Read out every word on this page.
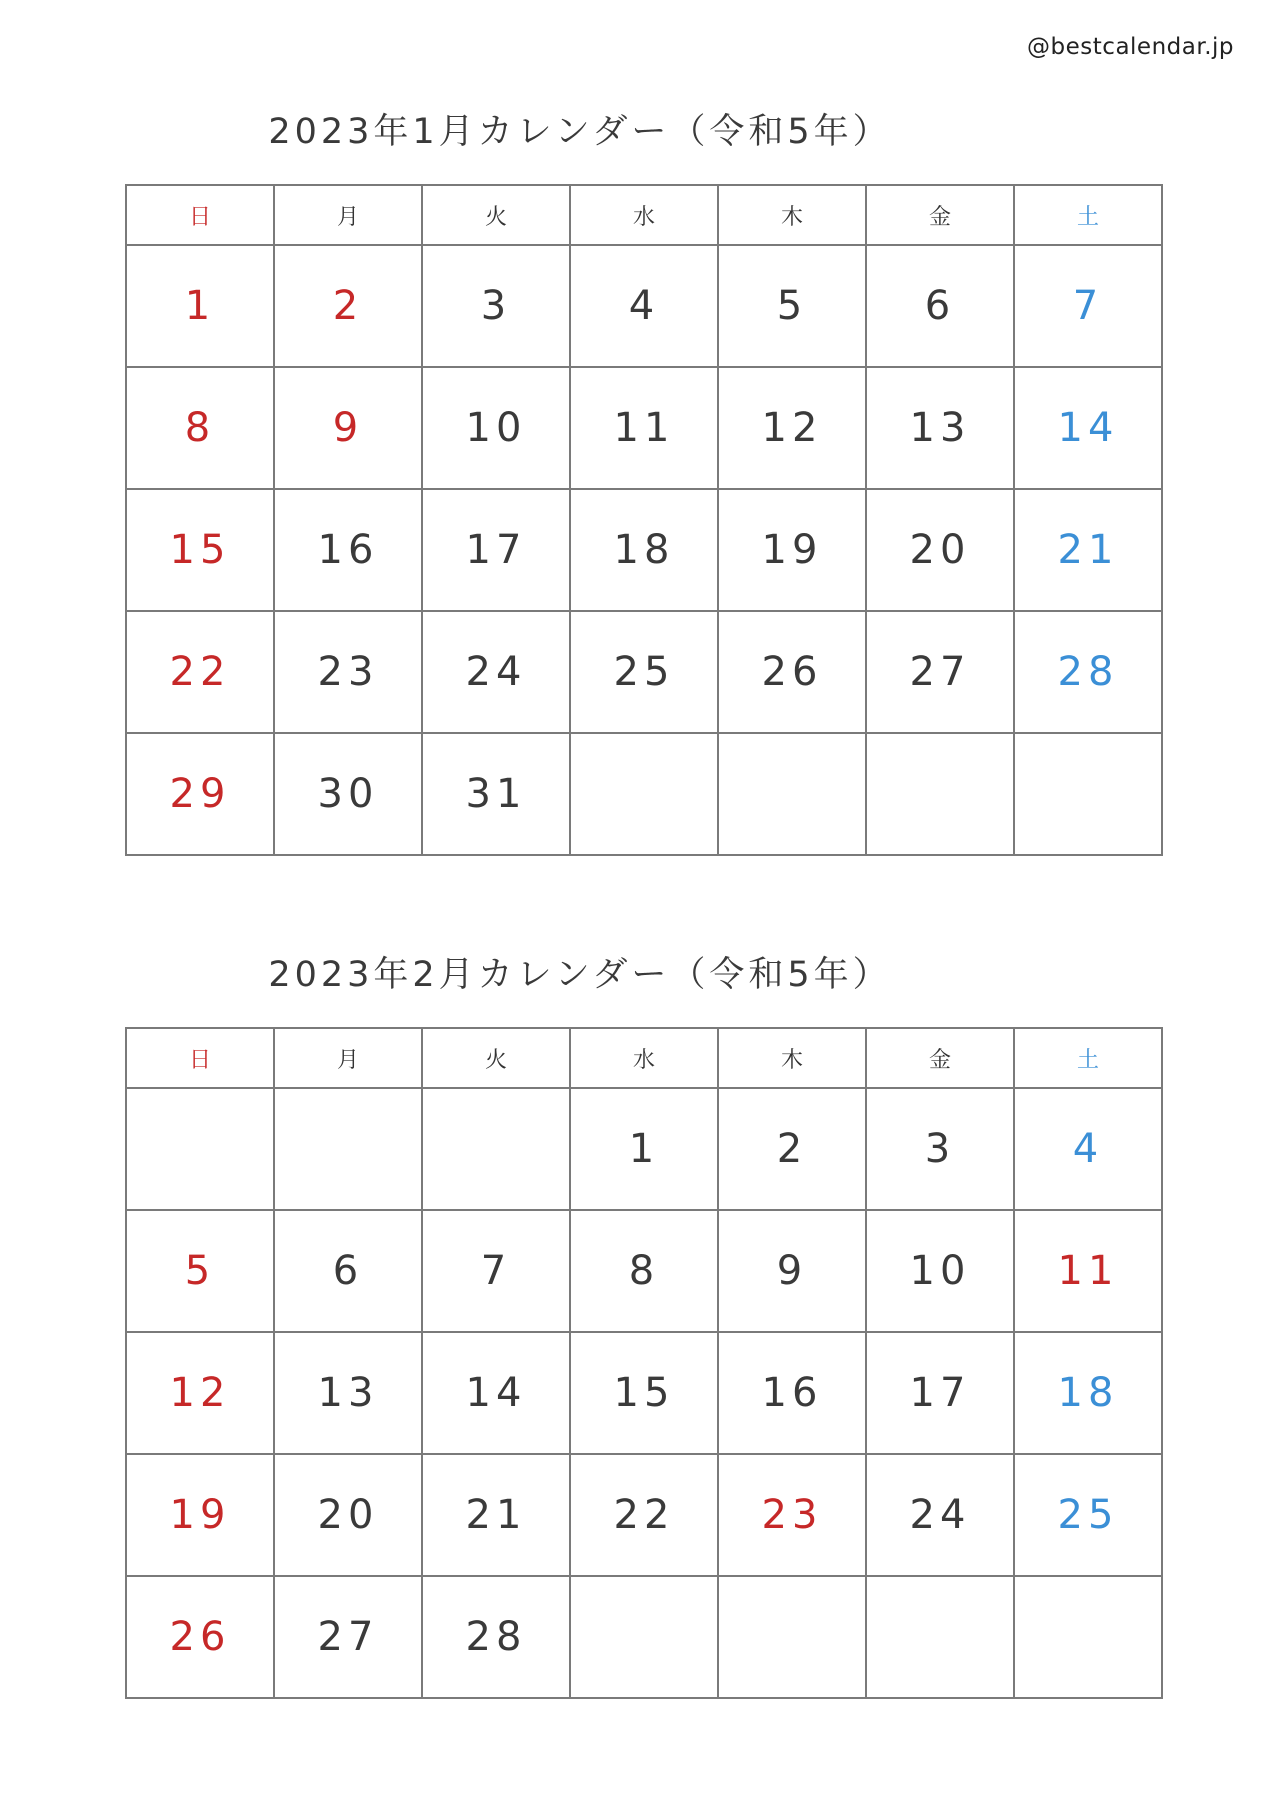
@bestcalendar.jp
2023年1月カレンダー（令和5年）
日	月	火	水	木	金	土
1	2	3	4	5	6	7
8	9	10	11	12	13	14
15	16	17	18	19	20	21
22	23	24	25	26	27	28
29	30	31				
2023年2月カレンダー（令和5年）
日	月	火	水	木	金	土
			1	2	3	4
5	6	7	8	9	10	11
12	13	14	15	16	17	18
19	20	21	22	23	24	25
26	27	28				
